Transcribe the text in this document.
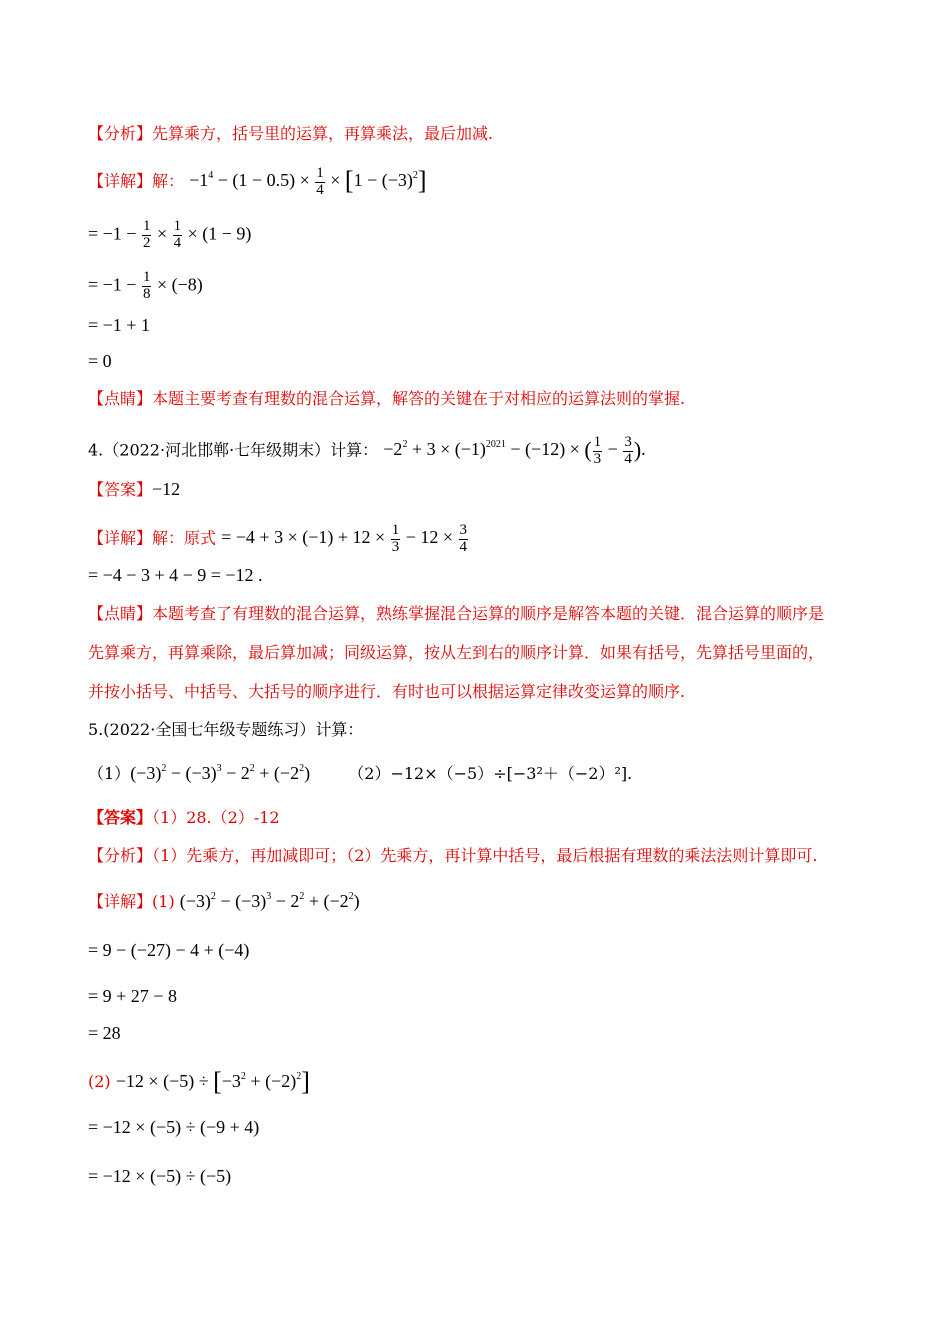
【分析】先算乘方，括号里的运算，再算乘法，最后加减.
【详解】解： $-1^4 - (1 - 0.5) \times \frac{1}{4} \times [1 - (-3)^2]$
= $-1 - \frac{1}{2} \times \frac{1}{4} \times (1 - 9)$
= $-1 - \frac{1}{8} \times (-8)$
= −1 + 1
= 0
【点睛】本题主要考查有理数的混合运算，解答的关键在于对相应的运算法则的掌握.
4.（2022·河北邯郸·七年级期末）计算： $-2^2 + 3 \times (-1)^{2021} - (-12)$ × ( $\frac{1}{3} - \frac{3}{4}$ ).
【答案】−12
【详解】解：原式 = $-4 + 3 \times (-1) + 12 \times \frac{1}{3} - 12 \times \frac{3}{4}$
= −4 − 3 + 4 − 9 = −12 .
【点睛】本题考查了有理数的混合运算，熟练掌握混合运算的顺序是解答本题的关键．混合运算的顺序是
先算乘方，再算乘除，最后算加减；同级运算，按从左到右的顺序计算．如果有括号，先算括号里面的，
并按小括号、中括号、大括号的顺序进行．有时也可以根据运算定律改变运算的顺序.
5.(2022·全国七年级专题练习）计算：
$(1)(-3)^2 - (-3)^3 - 2^2 + (-2^2)$ （2）−12×（−5）÷[−3²＋（−2）²].
【答案】（1）28.（2）-12
【分析】（1）先乘方，再加减即可；（2）先乘方，再计算中括号，最后根据有理数的乘法法则计算即可.
【详解】(1) $(-3)^2 - (-3)^3 - 2^2 + (-2^2)$
= 9 − (−27) − 4 + (−4)
= 9 + 27 − 8
= 28
$(2) -12 \times (-5) \div [-3^2 + (-2)^2]$
= −12 × (−5) ÷ (−9 + 4)
= −12 × (−5) ÷ (−5)
